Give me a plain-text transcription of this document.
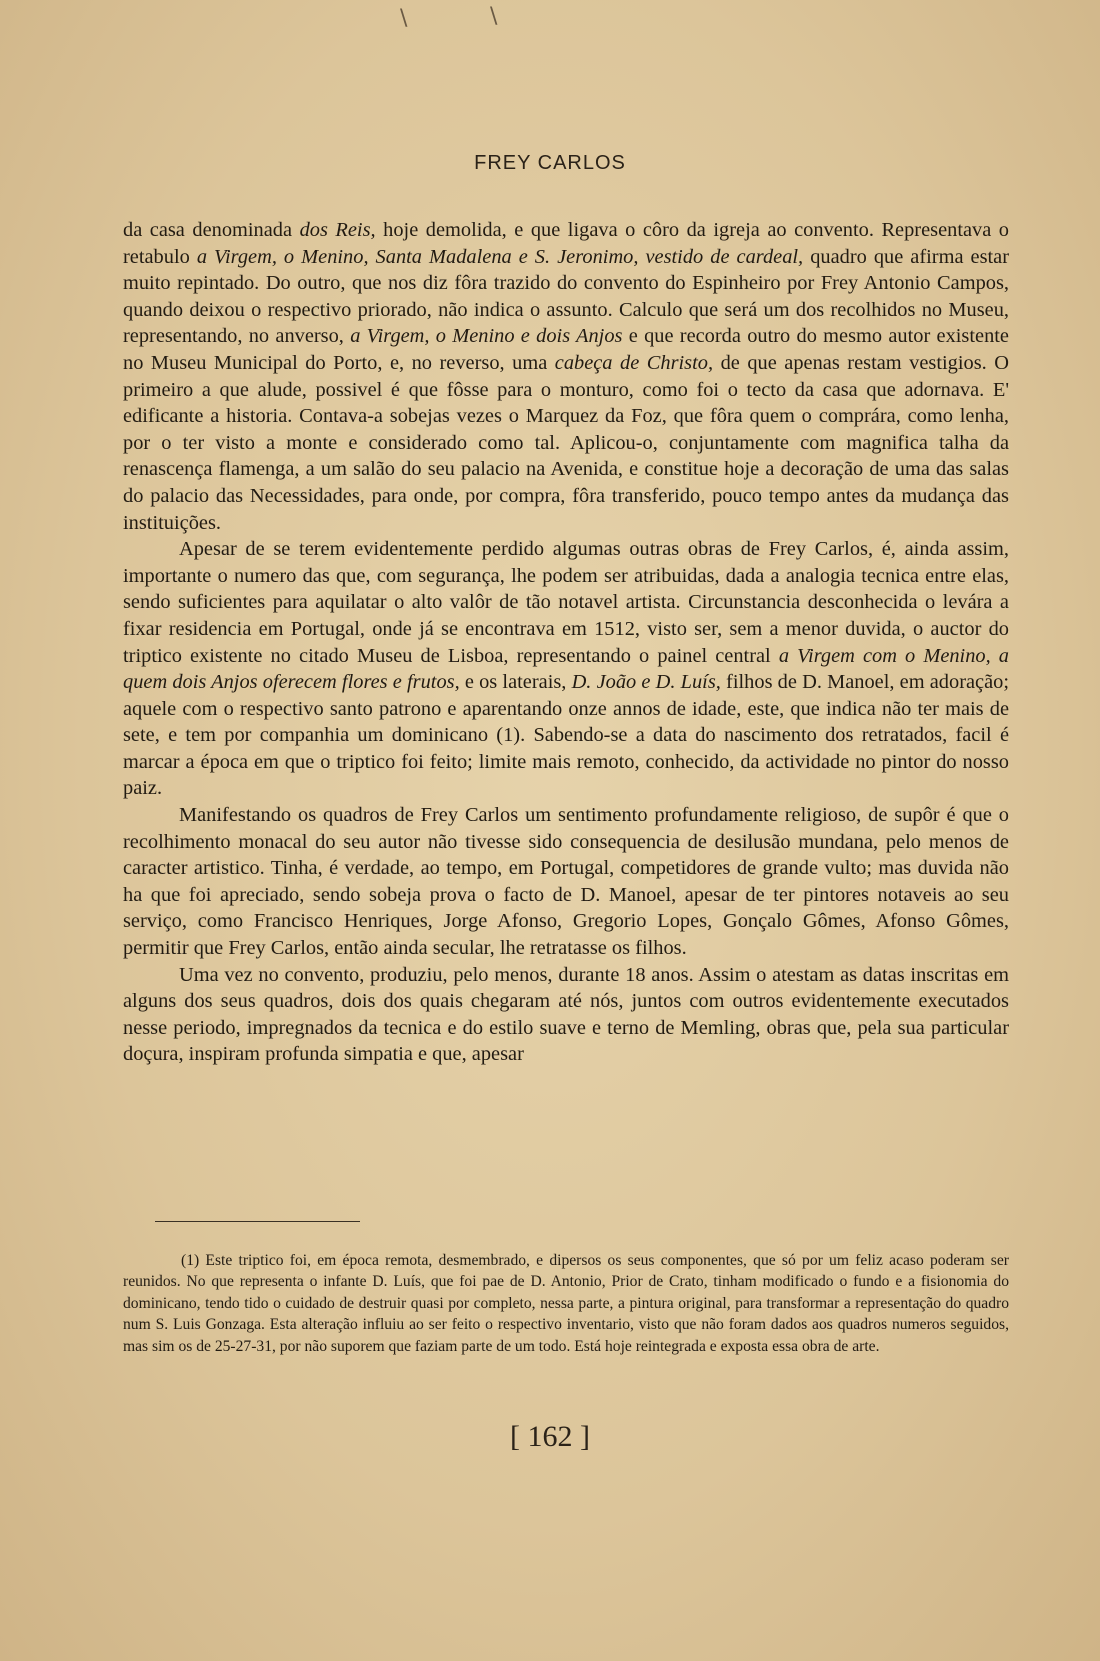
\	\
FREY CARLOS

da casa denominada dos Reis, hoje demolida, e que ligava o côro da igreja ao convento. Representava o retabulo a Virgem, o Menino, Santa Madalena e S. Jeronimo, vestido de cardeal, quadro que afirma estar muito repintado. Do outro, que nos diz fôra trazido do convento do Espinheiro por Frey Antonio Campos, quando deixou o respectivo priorado, não indica o assunto. Calculo que será um dos recolhidos no Museu, representando, no anverso, a Virgem, o Menino e dois Anjos e que recorda outro do mesmo autor existente no Museu Municipal do Porto, e, no reverso, uma cabeça de Christo, de que apenas restam vestigios. O primeiro a que alude, possivel é que fôsse para o monturo, como foi o tecto da casa que adornava. E' edificante a historia. Contava-a sobejas vezes o Marquez da Foz, que fôra quem o comprára, como lenha, por o ter visto a monte e considerado como tal. Aplicou-o, conjuntamente com magnifica talha da renascença flamenga, a um salão do seu palacio na Avenida, e constitue hoje a decoração de uma das salas do palacio das Necessidades, para onde, por compra, fôra transferido, pouco tempo antes da mudança das instituições.

Apesar de se terem evidentemente perdido algumas outras obras de Frey Carlos, é, ainda assim, importante o numero das que, com segurança, lhe podem ser atribuidas, dada a analogia tecnica entre elas, sendo suficientes para aquilatar o alto valôr de tão notavel artista. Circunstancia desconhecida o levára a fixar residencia em Portugal, onde já se encontrava em 1512, visto ser, sem a menor duvida, o auctor do triptico existente no citado Museu de Lisboa, representando o painel central a Virgem com o Menino, a quem dois Anjos oferecem flores e frutos, e os laterais, D. João e D. Luís, filhos de D. Manoel, em adoração; aquele com o respectivo santo patrono e aparentando onze annos de idade, este, que indica não ter mais de sete, e tem por companhia um dominicano (1). Sabendo-se a data do nascimento dos retratados, facil é marcar a época em que o triptico foi feito; limite mais remoto, conhecido, da actividade no pintor do nosso paiz.

Manifestando os quadros de Frey Carlos um sentimento profundamente religioso, de supôr é que o recolhimento monacal do seu autor não tivesse sido consequencia de desilusão mundana, pelo menos de caracter artistico. Tinha, é verdade, ao tempo, em Portugal, competidores de grande vulto; mas duvida não ha que foi apreciado, sendo sobeja prova o facto de D. Manoel, apesar de ter pintores notaveis ao seu serviço, como Francisco Henriques, Jorge Afonso, Gregorio Lopes, Gonçalo Gômes, Afonso Gômes, permitir que Frey Carlos, então ainda secular, lhe retratasse os filhos.

Uma vez no convento, produziu, pelo menos, durante 18 anos. Assim o atestam as datas inscritas em alguns dos seus quadros, dois dos quais chegaram até nós, juntos com outros evidentemente executados nesse periodo, impregnados da tecnica e do estilo suave e terno de Memling, obras que, pela sua particular doçura, inspiram profunda simpatia e que, apesar

(1) Este triptico foi, em época remota, desmembrado, e dipersos os seus componentes, que só por um feliz acaso poderam ser reunidos. No que representa o infante D. Luís, que foi pae de D. Antonio, Prior de Crato, tinham modificado o fundo e a fisionomia do dominicano, tendo tido o cuidado de destruir quasi por completo, nessa parte, a pintura original, para transformar a representação do quadro num S. Luis Gonzaga. Esta alteração influiu ao ser feito o respectivo inventario, visto que não foram dados aos quadros numeros seguidos, mas sim os de 25-27-31, por não suporem que faziam parte de um todo. Está hoje reintegrada e exposta essa obra de arte.

[ 162 ]
